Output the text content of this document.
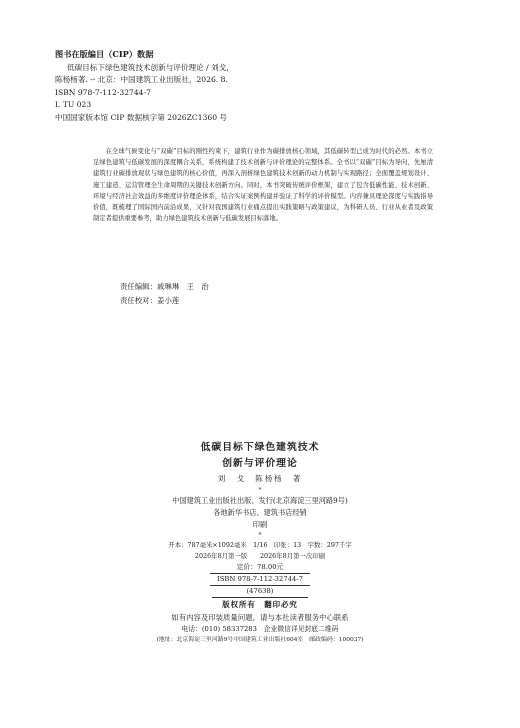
图书在版编目（CIP）数据
低碳目标下绿色建筑技术创新与评价理论 / 刘戈，
陈杨杨著. -- 北京：中国建筑工业出版社，2026. 8.
ISBN 978-7-112-32744-7
Ⅰ. TU 023
中国国家版本馆 CIP 数据核字第 2026ZC1360 号
在全球气候变化与“双碳”目标的刚性约束下，建筑行业作为碳排放核心领域，其低碳转型已成为时代的必然。本书立足绿色建筑与低碳发展的深度耦合关系，系统构建了技术创新与评价理论的完整体系。全书以“双碳”目标为导向，先厘清建筑行业碳排放现状与绿色建筑的核心价值，再深入剖析绿色建筑技术创新的动力机制与实现路径；全面覆盖规划设计、施工建造、运营管理全生命周期的关键技术创新方向。同时，本书突破传统评价框架，建立了包含低碳性能、技术创新、环境与经济社会效益的多维度评价理论体系，结合实证案例构建并验证了科学的评价模型。内容兼具理论深度与实践指导价值，既梳理了国际国内前沿成果，又针对我国建筑行业痛点提出实践策略与政策建议，为科研人员、行业从业者及政策制定者提供重要参考，助力绿色建筑技术创新与低碳发展目标落地。
责任编辑：戚琳琳　王　治
责任校对：姜小莲
低碳目标下绿色建筑技术
创新与评价理论
刘　戈　陈杨杨　著
*
中国建筑工业出版社出版、发行(北京海淀三里河路9号)
各地新华书店、建筑书店经销
印刷
*
开本：787毫米×1092毫米　1/16　印张：13　字数：297千字
2026年8月第一版　　2026年8月第一次印刷
定价：78.00元
ISBN 978-7-112-32744-7
(47638)
版权所有　翻印必究
如有内容及印装质量问题，请与本社读者服务中心联系
电话：(010) 58337283　企业微信详见封底二维码
(地址：北京海淀三里河路9号中国建筑工业出版社604室　邮政编码：100037)
